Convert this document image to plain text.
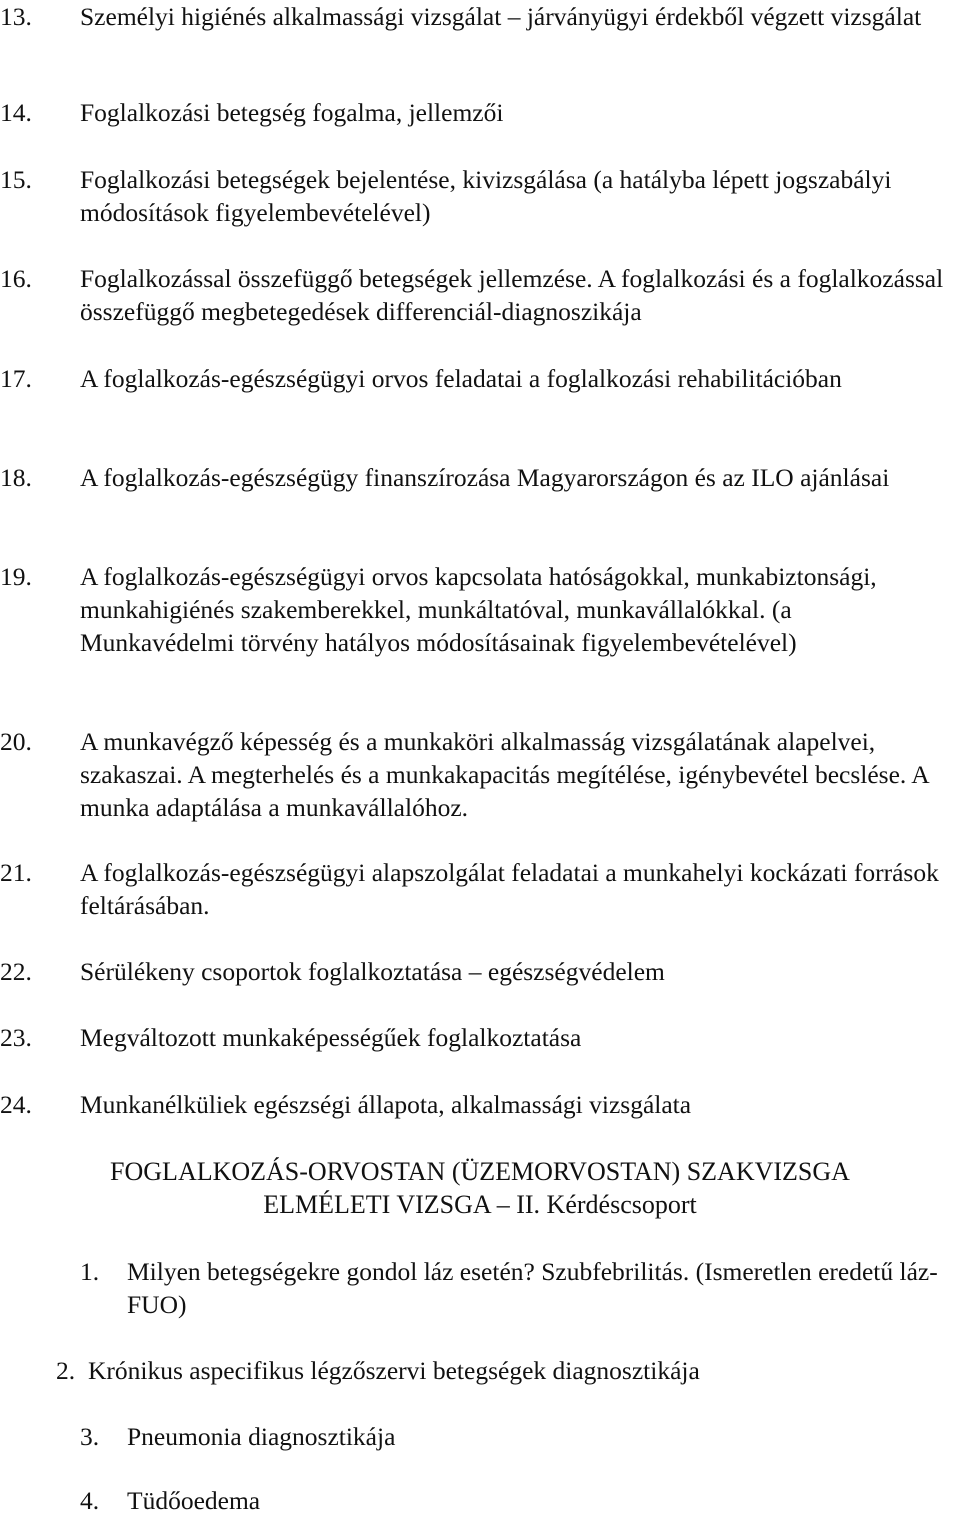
13. Személyi higiénés alkalmassági vizsgálat – járványügyi érdekből végzett vizsgálat
14. Foglalkozási betegség fogalma, jellemzői
15. Foglalkozási betegségek bejelentése, kivizsgálása (a hatályba lépett jogszabályi módosítások figyelembevételével)
16. Foglalkozással összefüggő betegségek jellemzése. A foglalkozási és a foglalkozással összefüggő megbetegedések differenciál-diagnoszikája
17. A foglalkozás-egészségügyi orvos feladatai a foglalkozási rehabilitációban
18. A foglalkozás-egészségügy finanszírozása Magyarországon és az ILO ajánlásai
19. A foglalkozás-egészségügyi orvos kapcsolata hatóságokkal, munkabiztonsági, munkahigiénés szakemberekkel, munkáltatóval, munkavállalókkal. (a Munkavédelmi törvény hatályos módosításainak figyelembevételével)
20. A munkavégző képesség és a munkaköri alkalmasság vizsgálatának alapelvei, szakaszai. A megterhelés és a munkakapacitás megítélése, igénybevétel becslése. A munka adaptálása a munkavállalóhoz.
21. A foglalkozás-egészségügyi alapszolgálat feladatai a munkahelyi kockázati források feltárásában.
22. Sérülékeny csoportok foglalkoztatása – egészségvédelem
23. Megváltozott munkaképességűek foglalkoztatása
24. Munkanélküliek egészségi állapota, alkalmassági vizsgálata
FOGLALKOZÁS-ORVOSTAN (ÜZEMORVOSTAN) SZAKVIZSGA
ELMÉLETI VIZSGA – II. Kérdéscsoport
1. Milyen betegségekre gondol láz esetén? Szubfebrilitás. (Ismeretlen eredetű láz-FUO)
2. Krónikus aspecifikus légzőszervi betegségek diagnosztikája
3. Pneumonia diagnosztikája
4. Tüdőoedema
